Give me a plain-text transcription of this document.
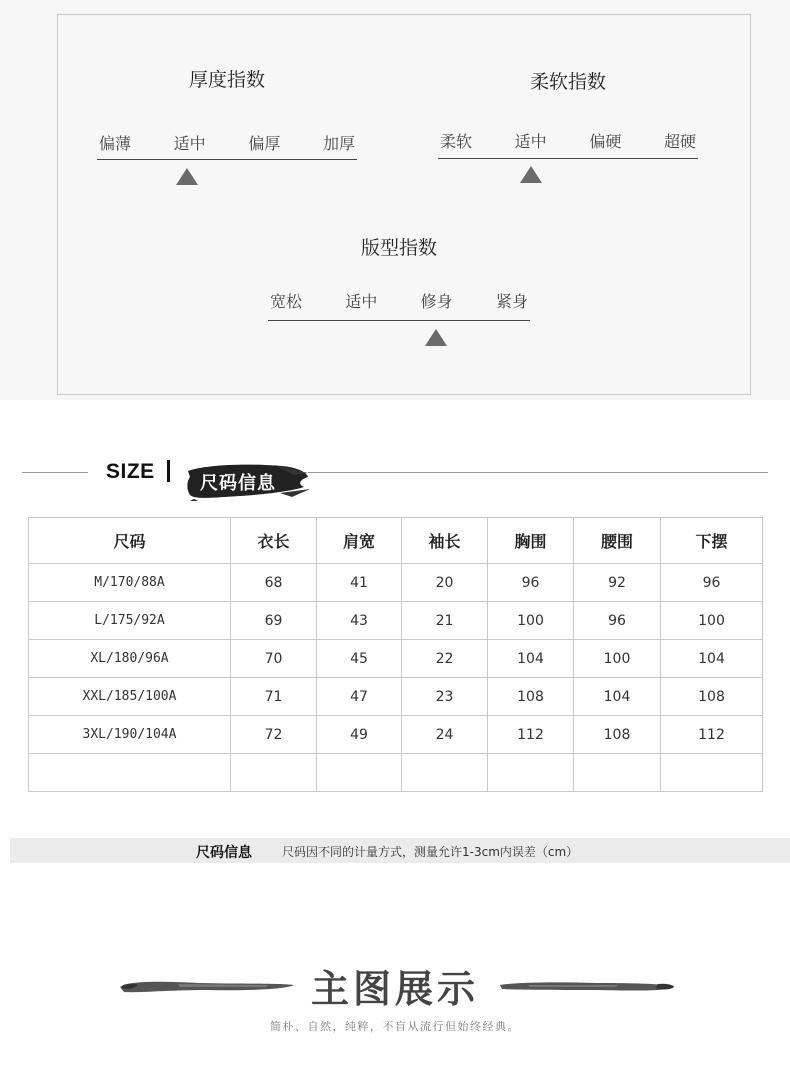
厚度指数
偏薄	适中	偏厚	加厚
柔软指数
柔软	适中	偏硬	超硬
版型指数
宽松	适中	修身	紧身
SIZE
尺码信息
尺码	衣长	肩宽	袖长	胸围	腰围	下摆
M/170/88A	68	41	20	96	92	96
L/175/92A	69	43	21	100	96	100
XL/180/96A	70	45	22	104	100	104
XXL/185/100A	71	47	23	108	104	108
3XL/190/104A	72	49	24	112	108	112

尺码信息	尺码因不同的计量方式，测量允许1-3cm内误差（cm）
主图展示
简朴、自然，纯粹，不盲从流行但始终经典。
